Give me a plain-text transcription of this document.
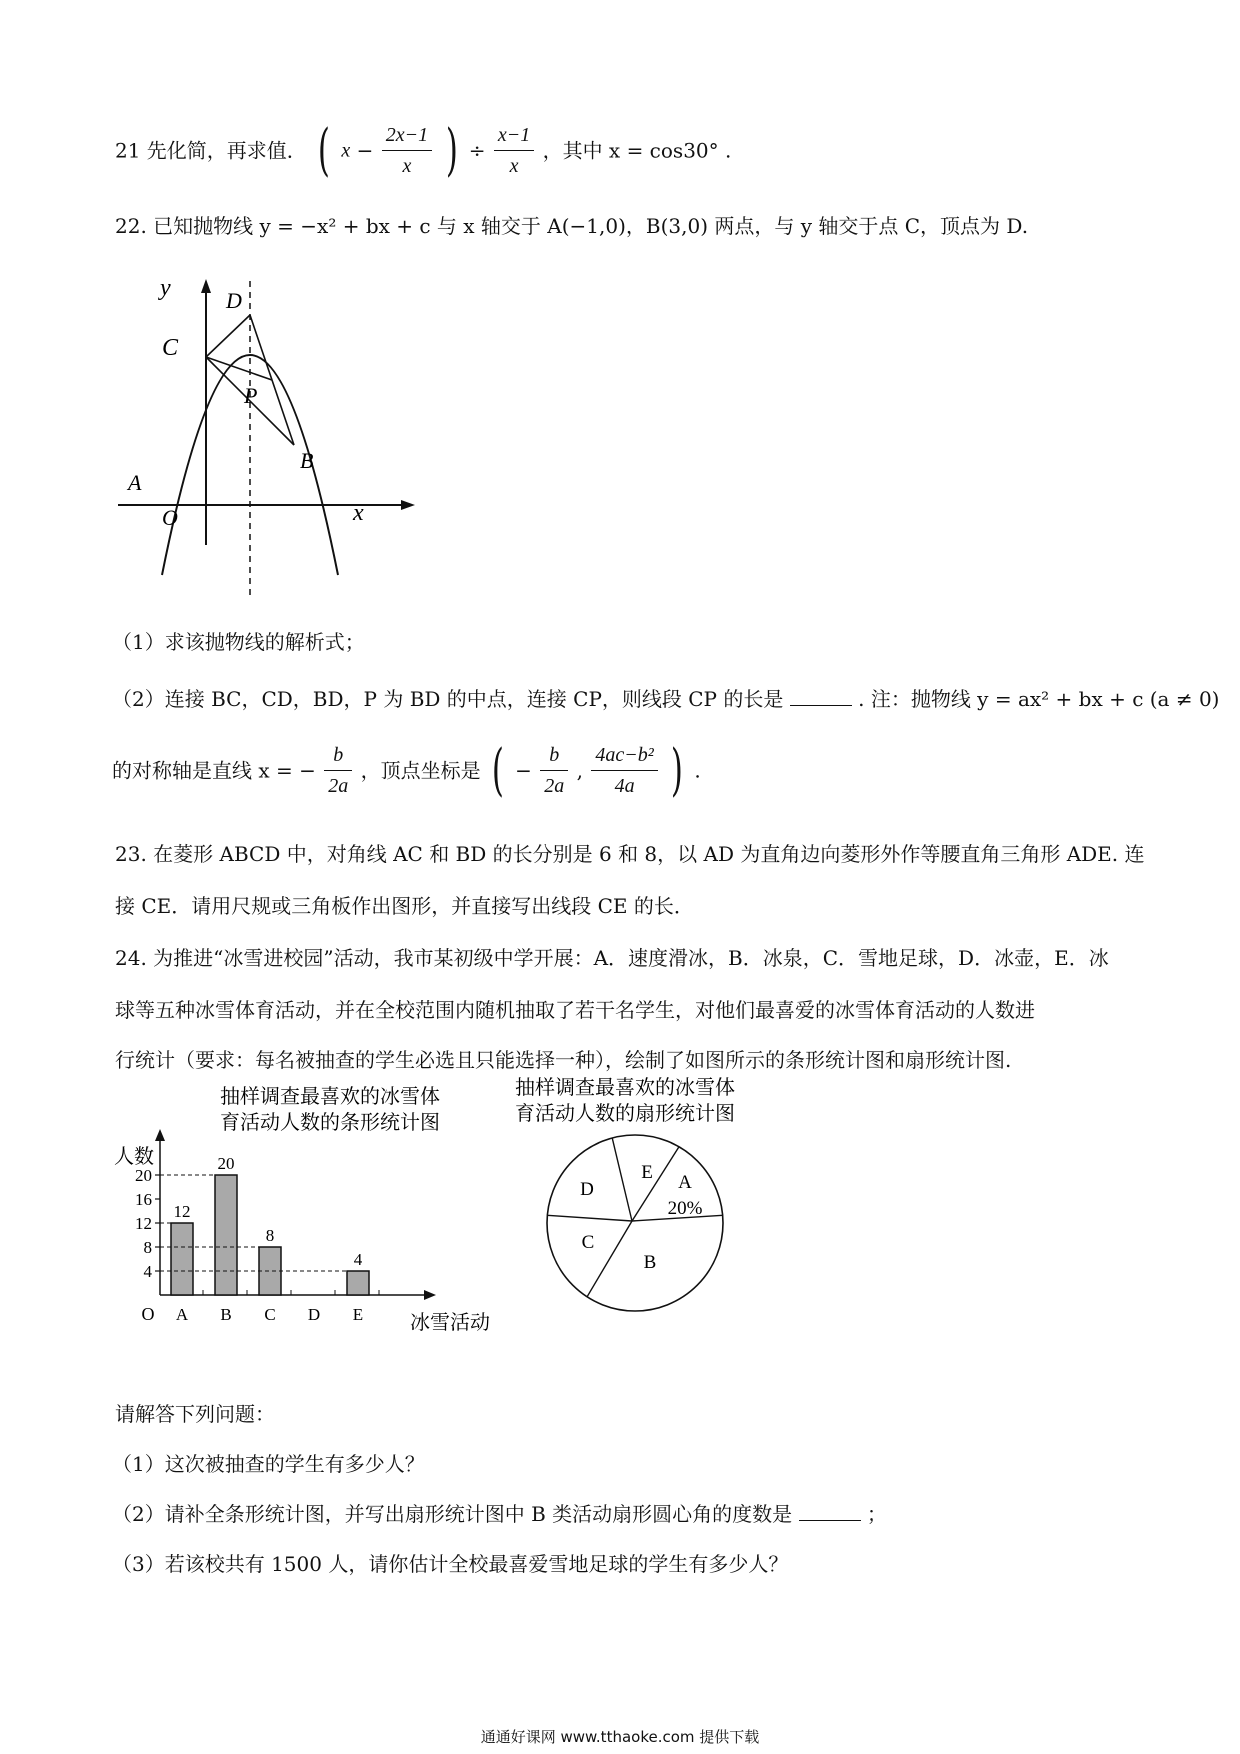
21 先化简，再求值． ( $x - \frac{2x-1}{x}$ ) ÷ $\frac{x-1}{x}$ ，其中 x = cos30° .
22. 已知抛物线 y = −x² + bx + c 与 x 轴交于 A(−1,0)，B(3,0) 两点，与 y 轴交于点 C，顶点为 D.
y
x
O
A
B
C
D
P
（1）求该抛物线的解析式；
（2）连接 BC，CD，BD，P 为 BD 的中点，连接 CP，则线段 CP 的长是	. 注：抛物线 y = ax² + bx + c (a ≠ 0)
的对称轴是直线 x = − $\frac{b}{2a}$ ，顶点坐标是 ( − $\frac{b}{2a}$ , $\frac{\text{4ac−b²}}{4a}$ ) .
23. 在菱形 ABCD 中，对角线 AC 和 BD 的长分别是 6 和 8，以 AD 为直角边向菱形外作等腰直角三角形 ADE. 连
接 CE．请用尺规或三角板作出图形，并直接写出线段 CE 的长．
24. 为推进“冰雪进校园”活动，我市某初级中学开展：A．速度滑冰，B．冰泉，C．雪地足球，D．冰壶，E．冰
球等五种冰雪体育活动，并在全校范围内随机抽取了若干名学生，对他们最喜爱的冰雪体育活动的人数进
行统计（要求：每名被抽查的学生必选且只能选择一种），绘制了如图所示的条形统计图和扇形统计图.
抽样调查最喜欢的冰雪体
育活动人数的条形统计图
人数
冰雪活动
O
4
8
12
16
20
A
12
B
20
C
8
D E
4
抽样调查最喜欢的冰雪体
育活动人数的扇形统计图
A
B
C
D
E
20%
请解答下列问题：
（1）这次被抽查的学生有多少人？
（2）请补全条形统计图，并写出扇形统计图中 B 类活动扇形圆心角的度数是	；
（3）若该校共有 1500 人，请你估计全校最喜爱雪地足球的学生有多少人？
通通好课网 www.tthaoke.com 提供下载
